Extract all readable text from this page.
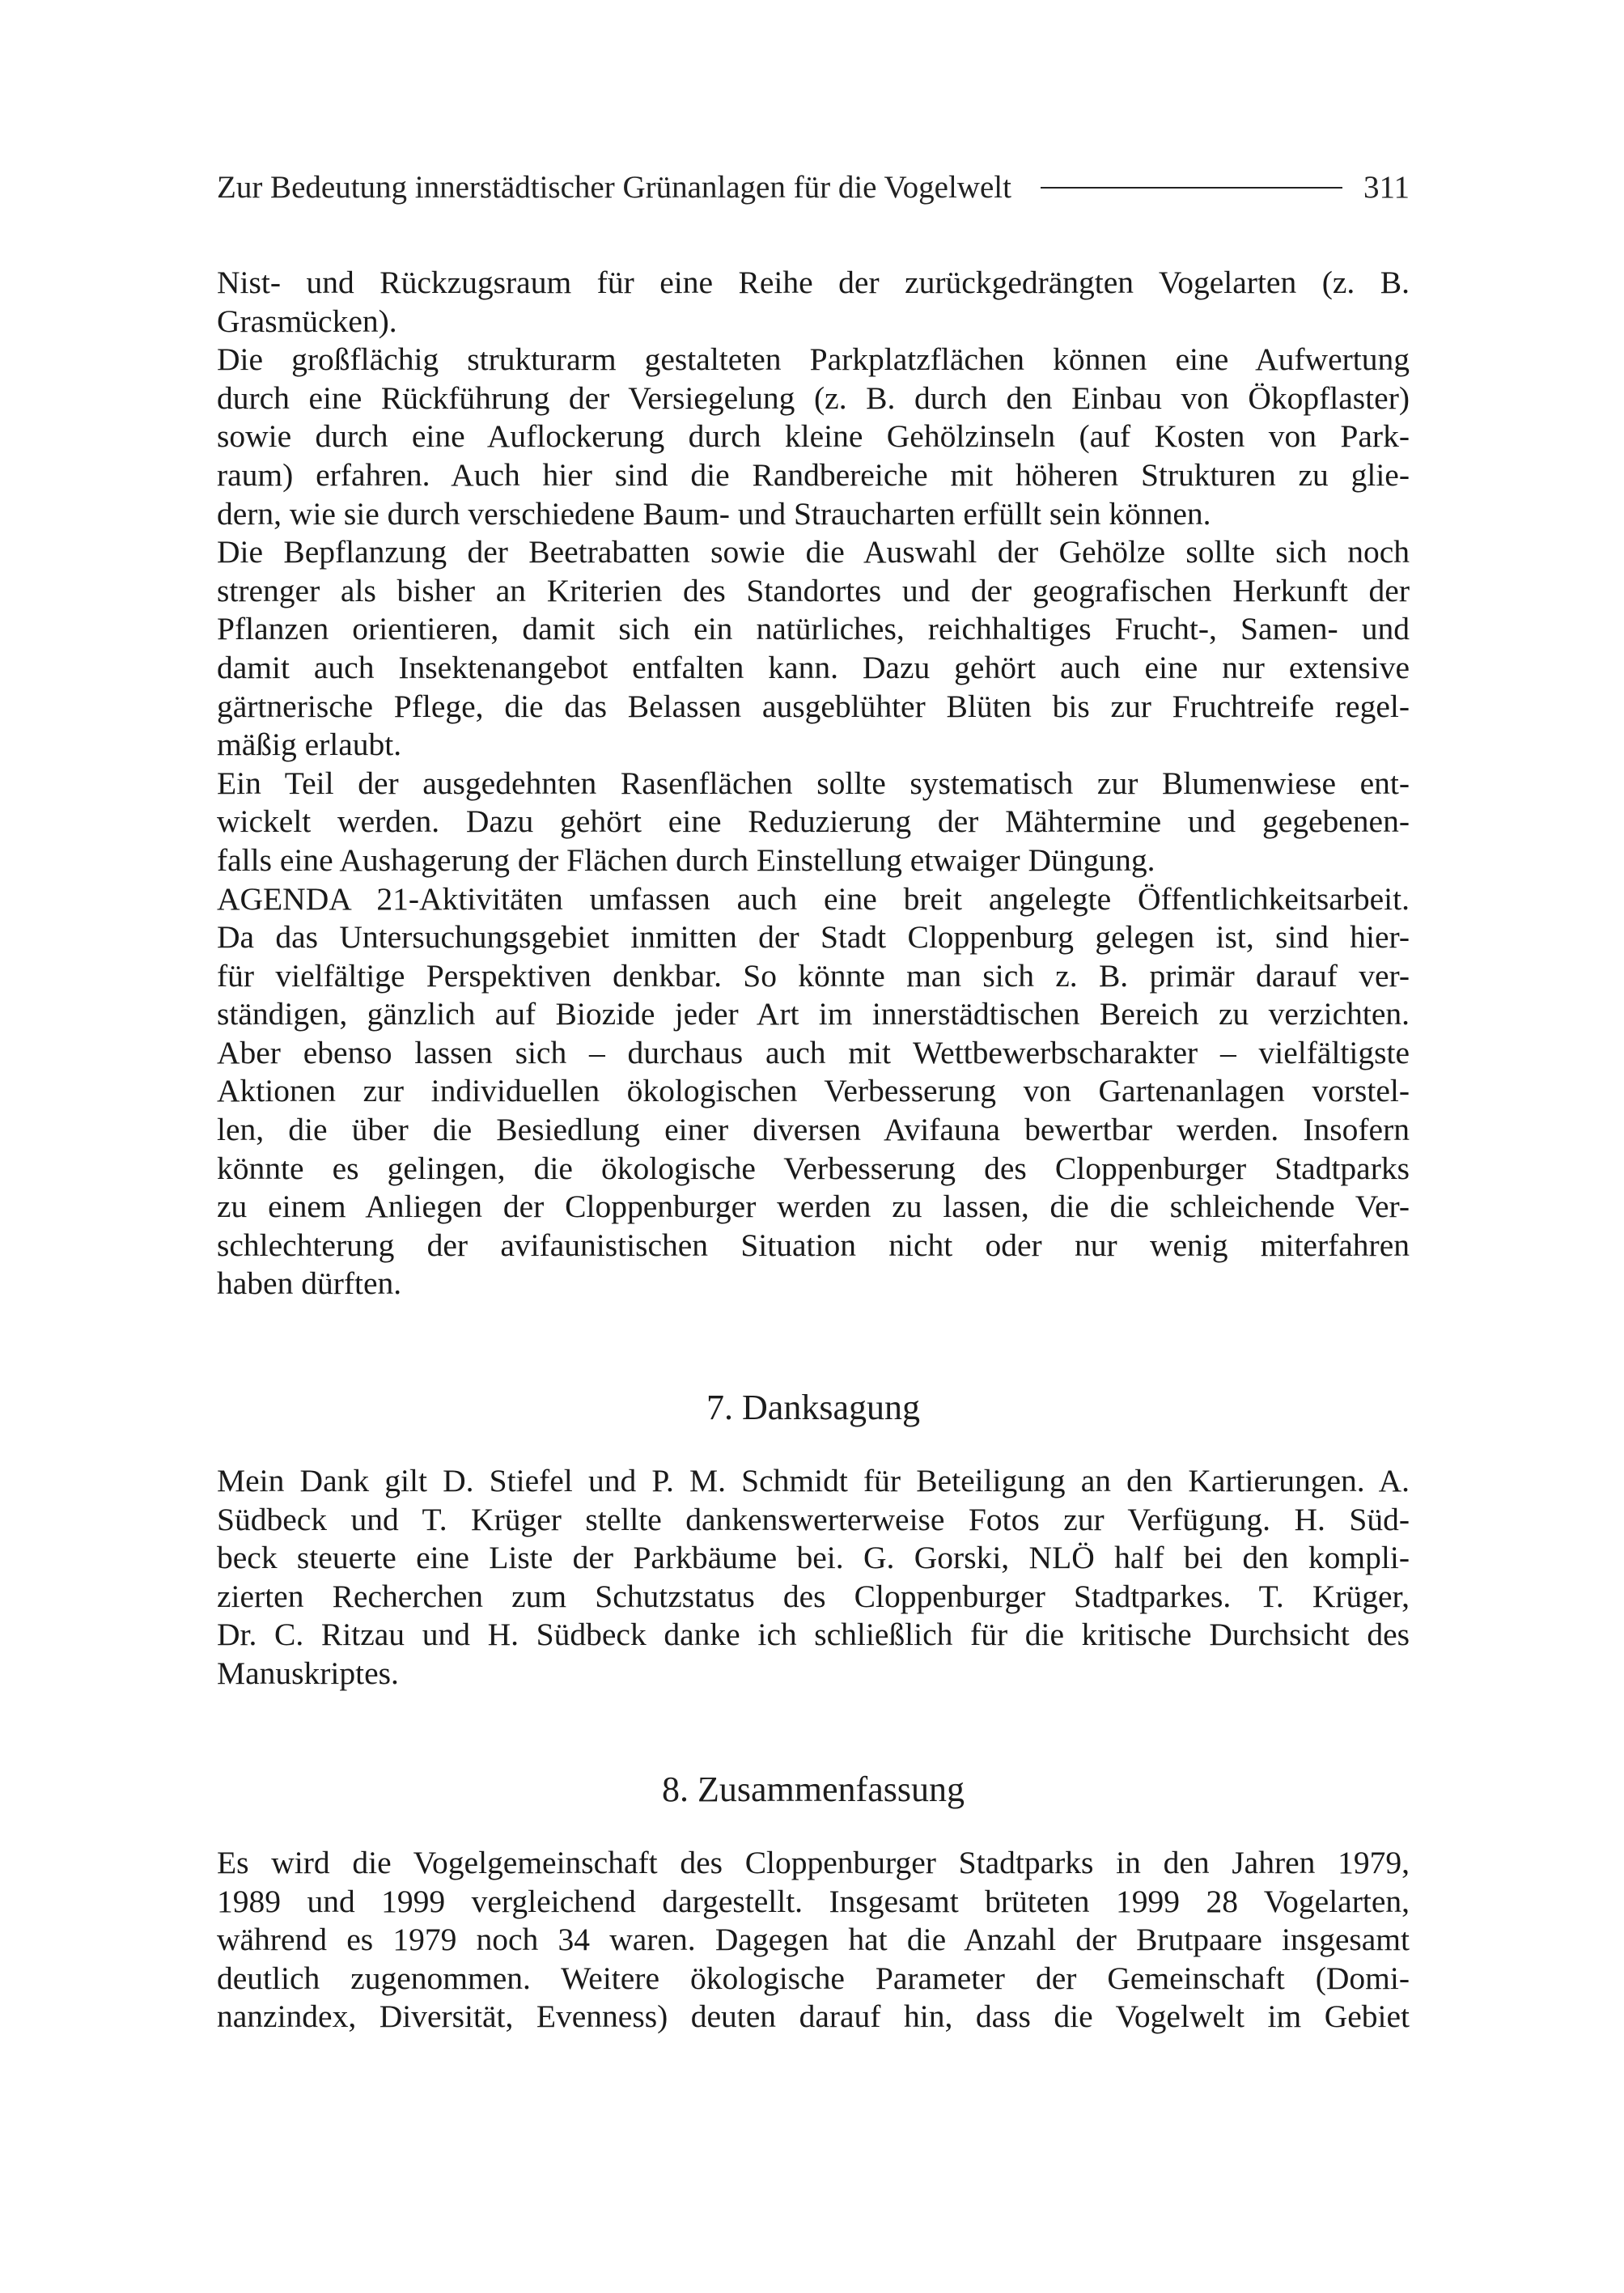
Zur Bedeutung innerstädtischer Grünanlagen für die Vogelwelt	311

Nist- und Rückzugsraum für eine Reihe der zurückgedrängten Vogelarten (z. B.
Grasmücken).
Die großflächig strukturarm gestalteten Parkplatzflächen können eine Aufwertung
durch eine Rückführung der Versiegelung (z. B. durch den Einbau von Ökopflaster)
sowie durch eine Auflockerung durch kleine Gehölzinseln (auf Kosten von Park-
raum) erfahren. Auch hier sind die Randbereiche mit höheren Strukturen zu glie-
dern, wie sie durch verschiedene Baum- und Straucharten erfüllt sein können.
Die Bepflanzung der Beetrabatten sowie die Auswahl der Gehölze sollte sich noch
strenger als bisher an Kriterien des Standortes und der geografischen Herkunft der
Pflanzen orientieren, damit sich ein natürliches, reichhaltiges Frucht-, Samen- und
damit auch Insektenangebot entfalten kann. Dazu gehört auch eine nur extensive
gärtnerische Pflege, die das Belassen ausgeblühter Blüten bis zur Fruchtreife regel-
mäßig erlaubt.
Ein Teil der ausgedehnten Rasenflächen sollte systematisch zur Blumenwiese ent-
wickelt werden. Dazu gehört eine Reduzierung der Mähtermine und gegebenen-
falls eine Aushagerung der Flächen durch Einstellung etwaiger Düngung.
AGENDA 21-Aktivitäten umfassen auch eine breit angelegte Öffentlichkeitsarbeit.
Da das Untersuchungsgebiet inmitten der Stadt Cloppenburg gelegen ist, sind hier-
für vielfältige Perspektiven denkbar. So könnte man sich z. B. primär darauf ver-
ständigen, gänzlich auf Biozide jeder Art im innerstädtischen Bereich zu verzichten.
Aber ebenso lassen sich – durchaus auch mit Wettbewerbscharakter – vielfältigste
Aktionen zur individuellen ökologischen Verbesserung von Gartenanlagen vorstel-
len, die über die Besiedlung einer diversen Avifauna bewertbar werden. Insofern
könnte es gelingen, die ökologische Verbesserung des Cloppenburger Stadtparks
zu einem Anliegen der Cloppenburger werden zu lassen, die die schleichende Ver-
schlechterung der avifaunistischen Situation nicht oder nur wenig miterfahren
haben dürften.

7. Danksagung

Mein Dank gilt D. Stiefel und P. M. Schmidt für Beteiligung an den Kartierungen. A.
Südbeck und T. Krüger stellte dankenswerterweise Fotos zur Verfügung. H. Süd-
beck steuerte eine Liste der Parkbäume bei. G. Gorski, NLÖ half bei den kompli-
zierten Recherchen zum Schutzstatus des Cloppenburger Stadtparkes. T. Krüger,
Dr. C. Ritzau und H. Südbeck danke ich schließlich für die kritische Durchsicht des
Manuskriptes.

8. Zusammenfassung

Es wird die Vogelgemeinschaft des Cloppenburger Stadtparks in den Jahren 1979,
1989 und 1999 vergleichend dargestellt. Insgesamt brüteten 1999 28 Vogelarten,
während es 1979 noch 34 waren. Dagegen hat die Anzahl der Brutpaare insgesamt
deutlich zugenommen. Weitere ökologische Parameter der Gemeinschaft (Domi-
nanzindex, Diversität, Evenness) deuten darauf hin, dass die Vogelwelt im Gebiet
